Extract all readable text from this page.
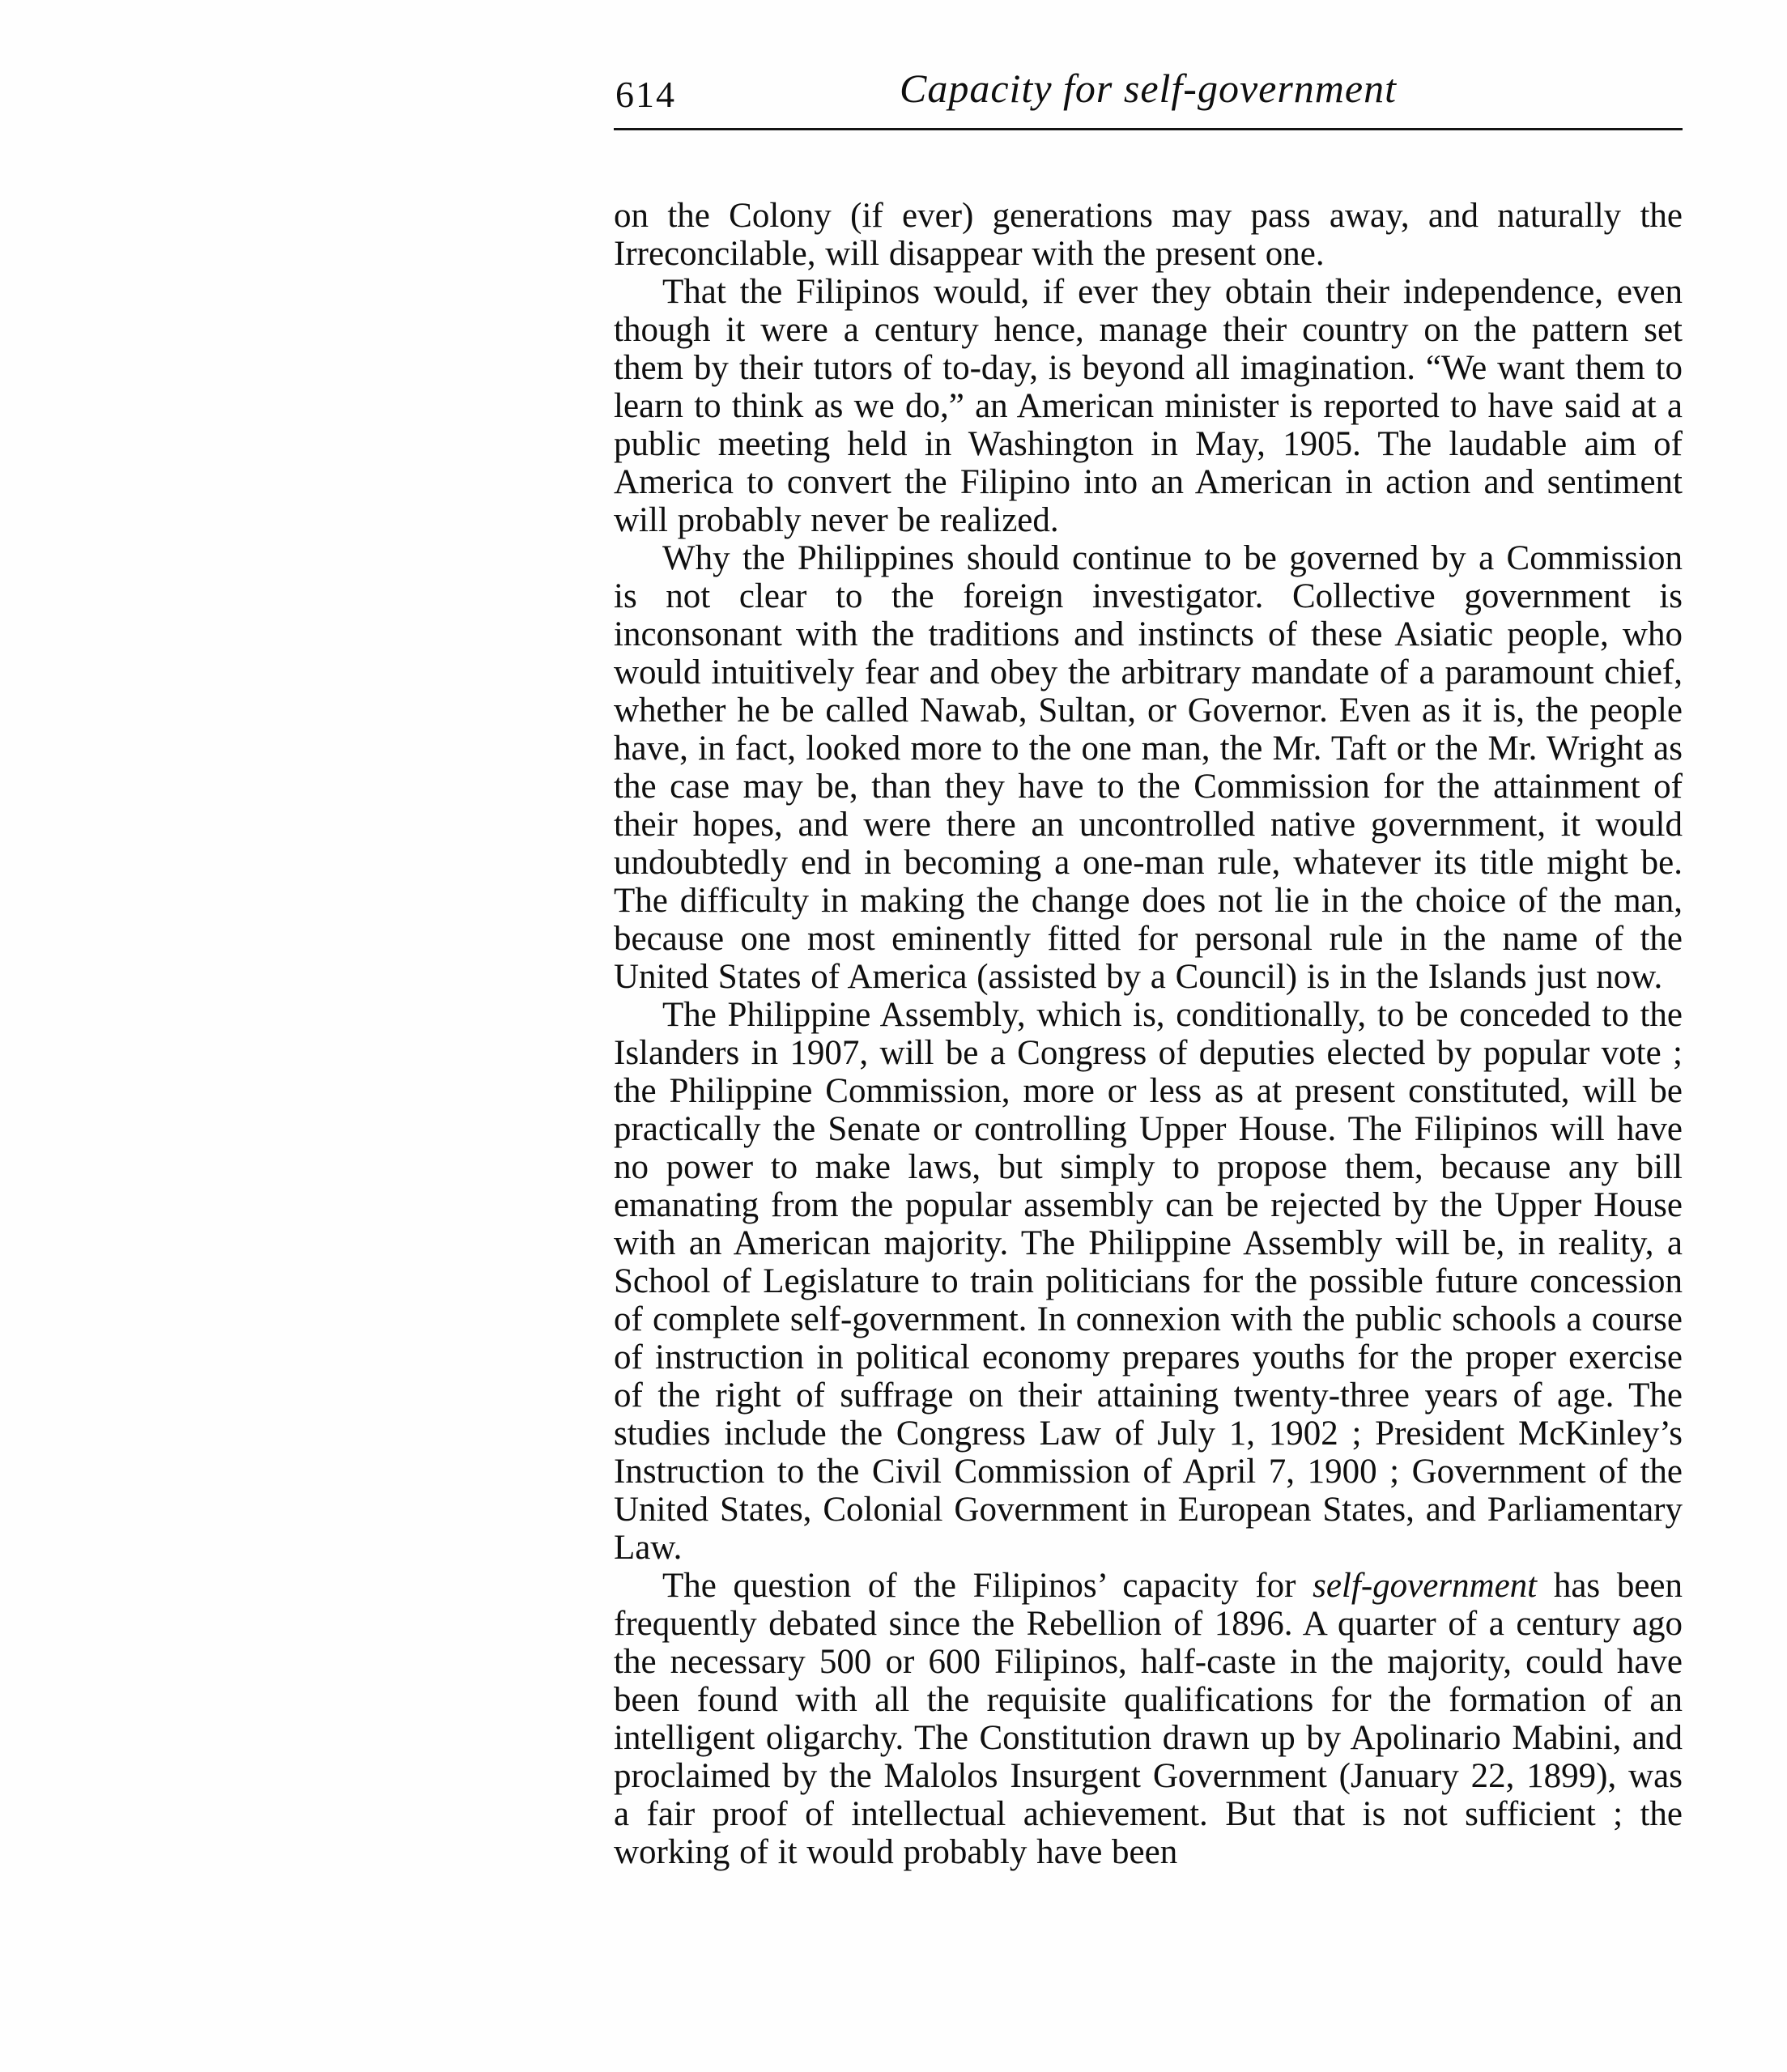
614	Capacity for self-government

on the Colony (if ever) generations may pass away, and naturally the Irreconcilable, will disappear with the present one.

That the Filipinos would, if ever they obtain their independence, even though it were a century hence, manage their country on the pattern set them by their tutors of to-day, is beyond all imagination. “We want them to learn to think as we do,” an American minister is reported to have said at a public meeting held in Washington in May, 1905. The laudable aim of America to convert the Filipino into an American in action and sentiment will probably never be realized.

Why the Philippines should continue to be governed by a Commission is not clear to the foreign investigator. Collective government is inconsonant with the traditions and instincts of these Asiatic people, who would intuitively fear and obey the arbitrary mandate of a paramount chief, whether he be called Nawab, Sultan, or Governor. Even as it is, the people have, in fact, looked more to the one man, the Mr. Taft or the Mr. Wright as the case may be, than they have to the Commission for the attainment of their hopes, and were there an uncontrolled native government, it would undoubtedly end in becoming a one-man rule, whatever its title might be. The difficulty in making the change does not lie in the choice of the man, because one most eminently fitted for personal rule in the name of the United States of America (assisted by a Council) is in the Islands just now.

The Philippine Assembly, which is, conditionally, to be conceded to the Islanders in 1907, will be a Congress of deputies elected by popular vote ; the Philippine Commission, more or less as at present constituted, will be practically the Senate or controlling Upper House. The Filipinos will have no power to make laws, but simply to propose them, because any bill emanating from the popular assembly can be rejected by the Upper House with an American majority. The Philippine Assembly will be, in reality, a School of Legislature to train politicians for the possible future concession of complete self-government. In connexion with the public schools a course of instruction in political economy prepares youths for the proper exercise of the right of suffrage on their attaining twenty-three years of age. The studies include the Congress Law of July 1, 1902 ; President McKinley’s Instruction to the Civil Commission of April 7, 1900 ; Government of the United States, Colonial Government in European States, and Parliamentary Law.

The question of the Filipinos’ capacity for self-government has been frequently debated since the Rebellion of 1896. A quarter of a century ago the necessary 500 or 600 Filipinos, half-caste in the majority, could have been found with all the requisite qualifications for the formation of an intelligent oligarchy. The Constitution drawn up by Apolinario Mabini, and proclaimed by the Malolos Insurgent Government (January 22, 1899), was a fair proof of intellectual achievement. But that is not sufficient ; the working of it would probably have been
